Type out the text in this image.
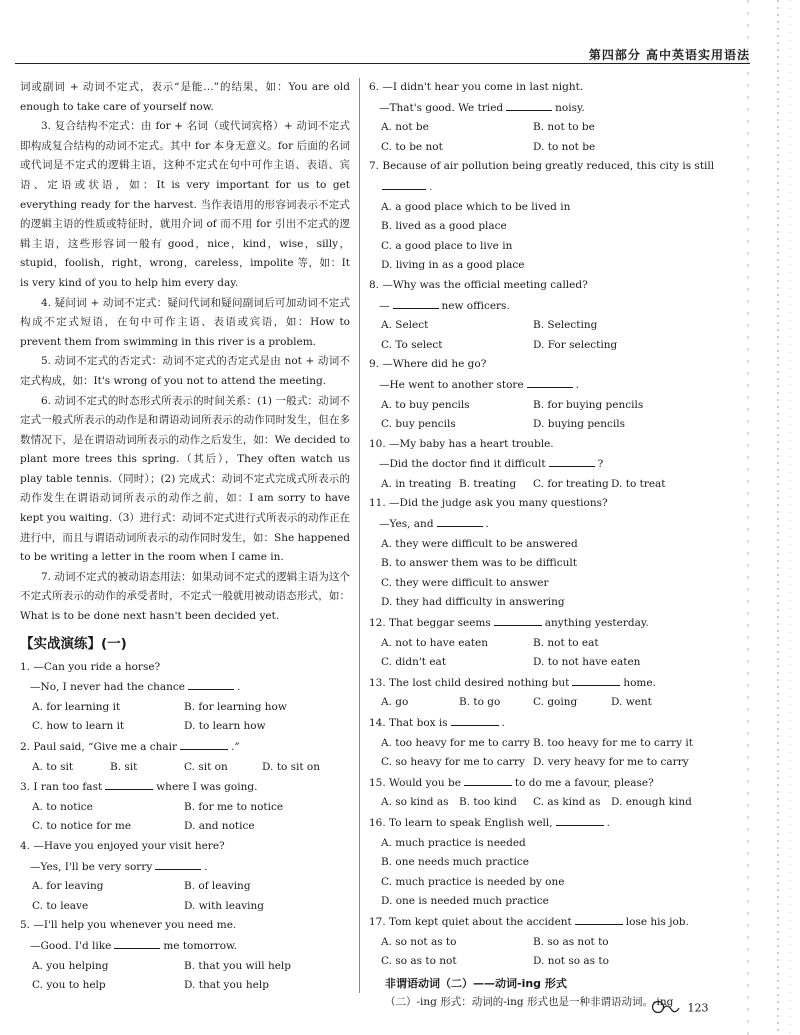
第四部分 高中英语实用语法

词或副词 + 动词不定式，表示“是能…”的结果，如：You are old enough to take care of yourself now.

3. 复合结构不定式：由 for + 名词（或代词宾格）+ 动词不定式即构成复合结构的动词不定式。其中 for 本身无意义。for 后面的名词或代词是不定式的逻辑主语，这种不定式在句中可作主语、表语、宾语、定语或状语，如：It is very important for us to get everything ready for the harvest. 当作表语用的形容词表示不定式的逻辑主语的性质或特征时，就用介词 of 而不用 for 引出不定式的逻辑主语，这些形容词一般有 good，nice，kind，wise，silly，stupid，foolish，right，wrong，careless，impolite 等，如：It is very kind of you to help him every day.

4. 疑问词 + 动词不定式：疑问代词和疑问副词后可加动词不定式构成不定式短语，在句中可作主语、表语或宾语，如：How to prevent them from swimming in this river is a problem.

5. 动词不定式的否定式：动词不定式的否定式是由 not + 动词不定式构成，如：It's wrong of you not to attend the meeting.

6. 动词不定式的时态形式所表示的时间关系：(1) 一般式：动词不定式一般式所表示的动作是和谓语动词所表示的动作同时发生，但在多数情况下，是在谓语动词所表示的动作之后发生，如：We decided to plant more trees this spring.（其后），They often watch us play table tennis.（同时）；(2) 完成式：动词不定式完成式所表示的动作发生在谓语动词所表示的动作之前，如：I am sorry to have kept you waiting.（3）进行式：动词不定式进行式所表示的动作正在进行中，而且与谓语动词所表示的动作同时发生，如：She happened to be writing a letter in the room when I came in.

7. 动词不定式的被动语态用法：如果动词不定式的逻辑主语为这个不定式所表示的动作的承受者时，不定式一般就用被动语态形式，如：What is to be done next hasn't been decided yet.

【实战演练】(一)
1. —Can you ride a horse?
—No, I never had the chance	.
A. for learning it	B. for learning how
C. how to learn it	D. to learn how
2. Paul said, “Give me a chair	.”
A. to sit	B. sit	C. sit on	D. to sit on
3. I ran too fast	where I was going.
A. to notice	B. for me to notice
C. to notice for me	D. and notice
4. —Have you enjoyed your visit here?
—Yes, I'll be very sorry	.
A. for leaving	B. of leaving
C. to leave	D. with leaving
5. —I'll help you whenever you need me.
—Good. I'd like	me tomorrow.
A. you helping	B. that you will help
C. you to help	D. that you help
6. —I didn't hear you come in last night.
—That's good. We tried	noisy.
A. not be	B. not to be
C. to be not	D. to not be
7. Because of air pollution being greatly reduced, this city is still
.
A. a good place which to be lived in
B. lived as a good place
C. a good place to live in
D. living in as a good place
8. —Why was the official meeting called?
—	new officers.
A. Select	B. Selecting
C. To select	D. For selecting
9. —Where did he go?
—He went to another store	.
A. to buy pencils	B. for buying pencils
C. buy pencils	D. buying pencils
10. —My baby has a heart trouble.
—Did the doctor find it difficult	?
A. in treating B. treating	C. for treating D. to treat
11. —Did the judge ask you many questions?
—Yes, and	.
A. they were difficult to be answered
B. to answer them was to be difficult
C. they were difficult to answer
D. they had difficulty in answering
12. That beggar seems	anything yesterday.
A. not to have eaten	B. not to eat
C. didn't eat	D. to not have eaten
13. The lost child desired nothing but	home.
A. go	B. to go	C. going	D. went
14. That box is	.
A. too heavy for me to carry B. too heavy for me to carry it
C. so heavy for me to carry D. very heavy for me to carry
15. Would you be	to do me a favour, please?
A. so kind as	B. too kind	C. as kind as D. enough kind
16. To learn to speak English well,	.
A. much practice is needed
B. one needs much practice
C. much practice is needed by one
D. one is needed much practice
17. Tom kept quiet about the accident	lose his job.
A. so not as to	B. so as not to
C. so as to not	D. not so as to
非谓语动词（二）——动词-ing 形式
（二）-ing 形式：动词的-ing 形式也是一种非谓语动词。-ing	123
